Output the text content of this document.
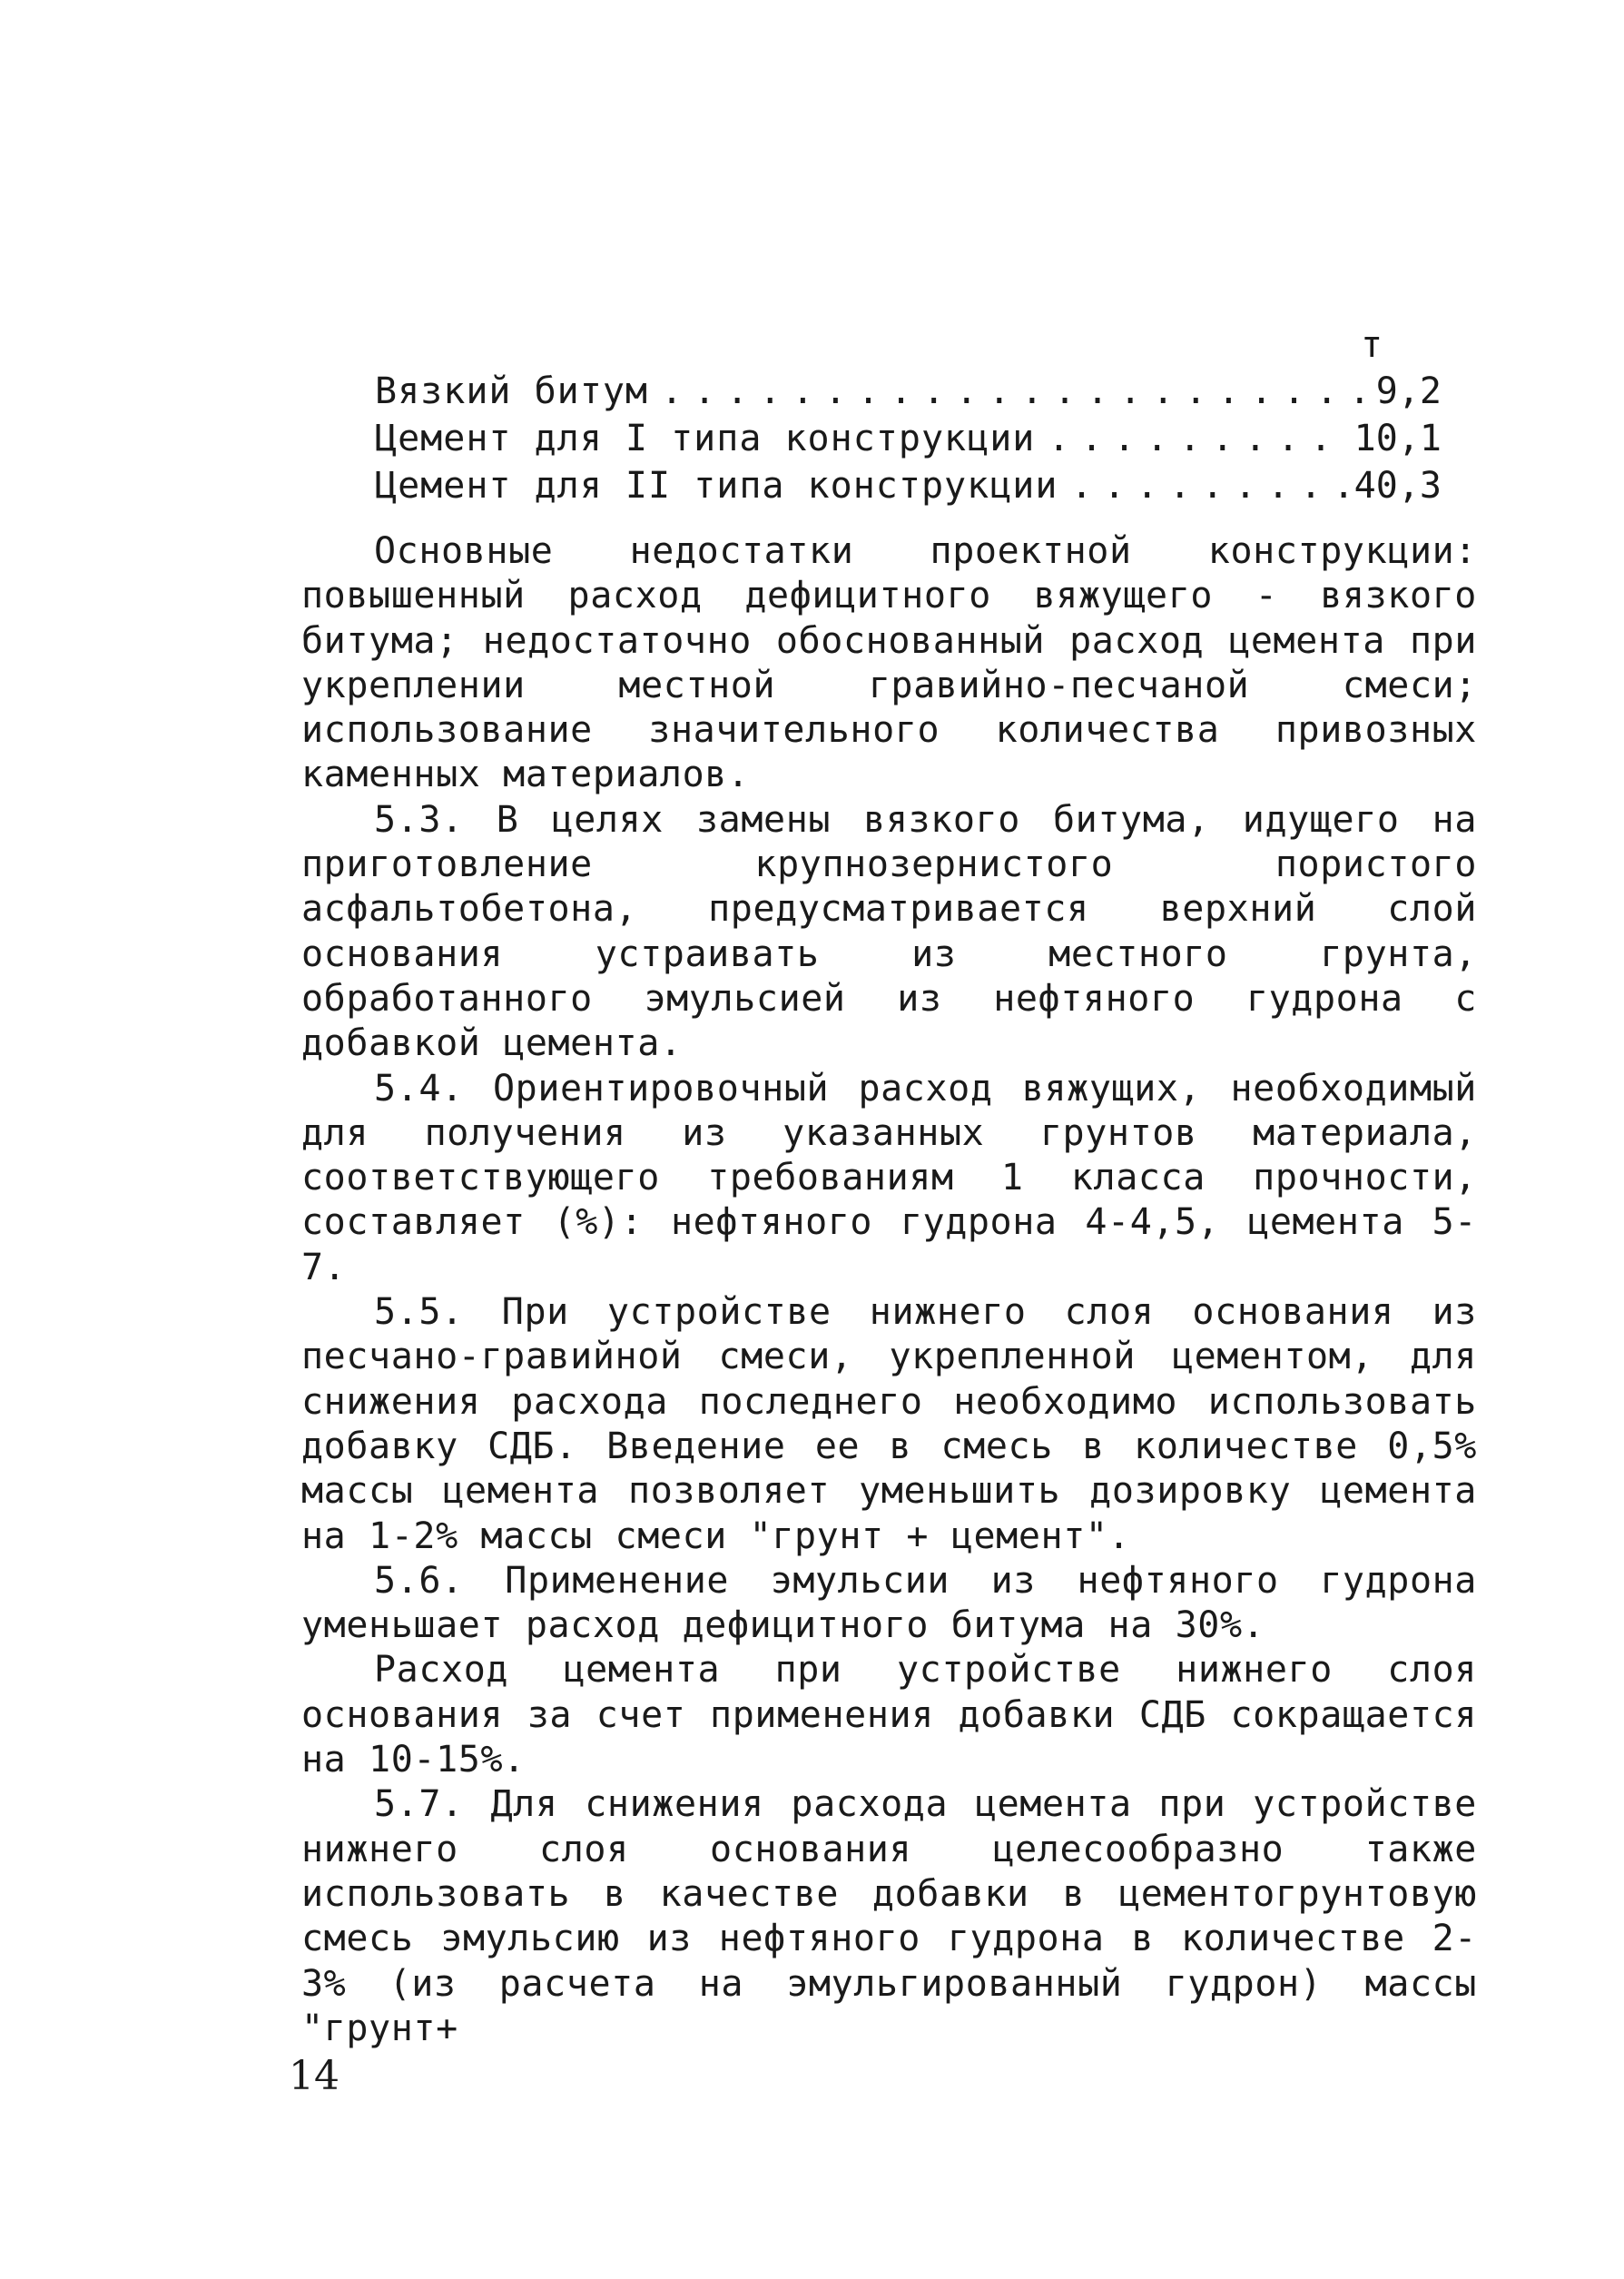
т
Вязкий битум .....	9,2
Цемент для I типа конструкции .....	10,1
Цемент для II типа конструкции .....	40,3

Основные недостатки проектной конструкции: повышенный расход дефицитного вяжущего - вязкого битума; недостаточно обоснованный расход цемента при укреплении местной гравийно-песчаной смеси; использование значительного количества привозных каменных материалов.

5.3. В целях замены вязкого битума, идущего на приготовление крупнозернистого пористого асфальтобетона, предусматривается верхний слой основания устраивать из местного грунта, обработанного эмульсией из нефтяного гудрона с добавкой цемента.

5.4. Ориентировочный расход вяжущих, необходимый для получения из указанных грунтов материала, соответствующего требованиям 1 класса прочности, составляет (%): нефтяного гудрона 4-4,5, цемента 5-7.

5.5. При устройстве нижнего слоя основания из песчано-гравийной смеси, укрепленной цементом, для снижения расхода последнего необходимо использовать добавку СДБ. Введение ее в смесь в количестве 0,5% массы цемента позволяет уменьшить дозировку цемента на 1-2% массы смеси "грунт + цемент".

5.6. Применение эмульсии из нефтяного гудрона уменьшает расход дефицитного битума на 30%.

Расход цемента при устройстве нижнего слоя основания за счет применения добавки СДБ сокращается на 10-15%.

5.7. Для снижения расхода цемента при устройстве нижнего слоя основания целесообразно также использовать в качестве добавки в цементогрунтовую смесь эмульсию из нефтяного гудрона в количестве 2-3% (из расчета на эмульгированный гудрон) массы "грунт+

14
